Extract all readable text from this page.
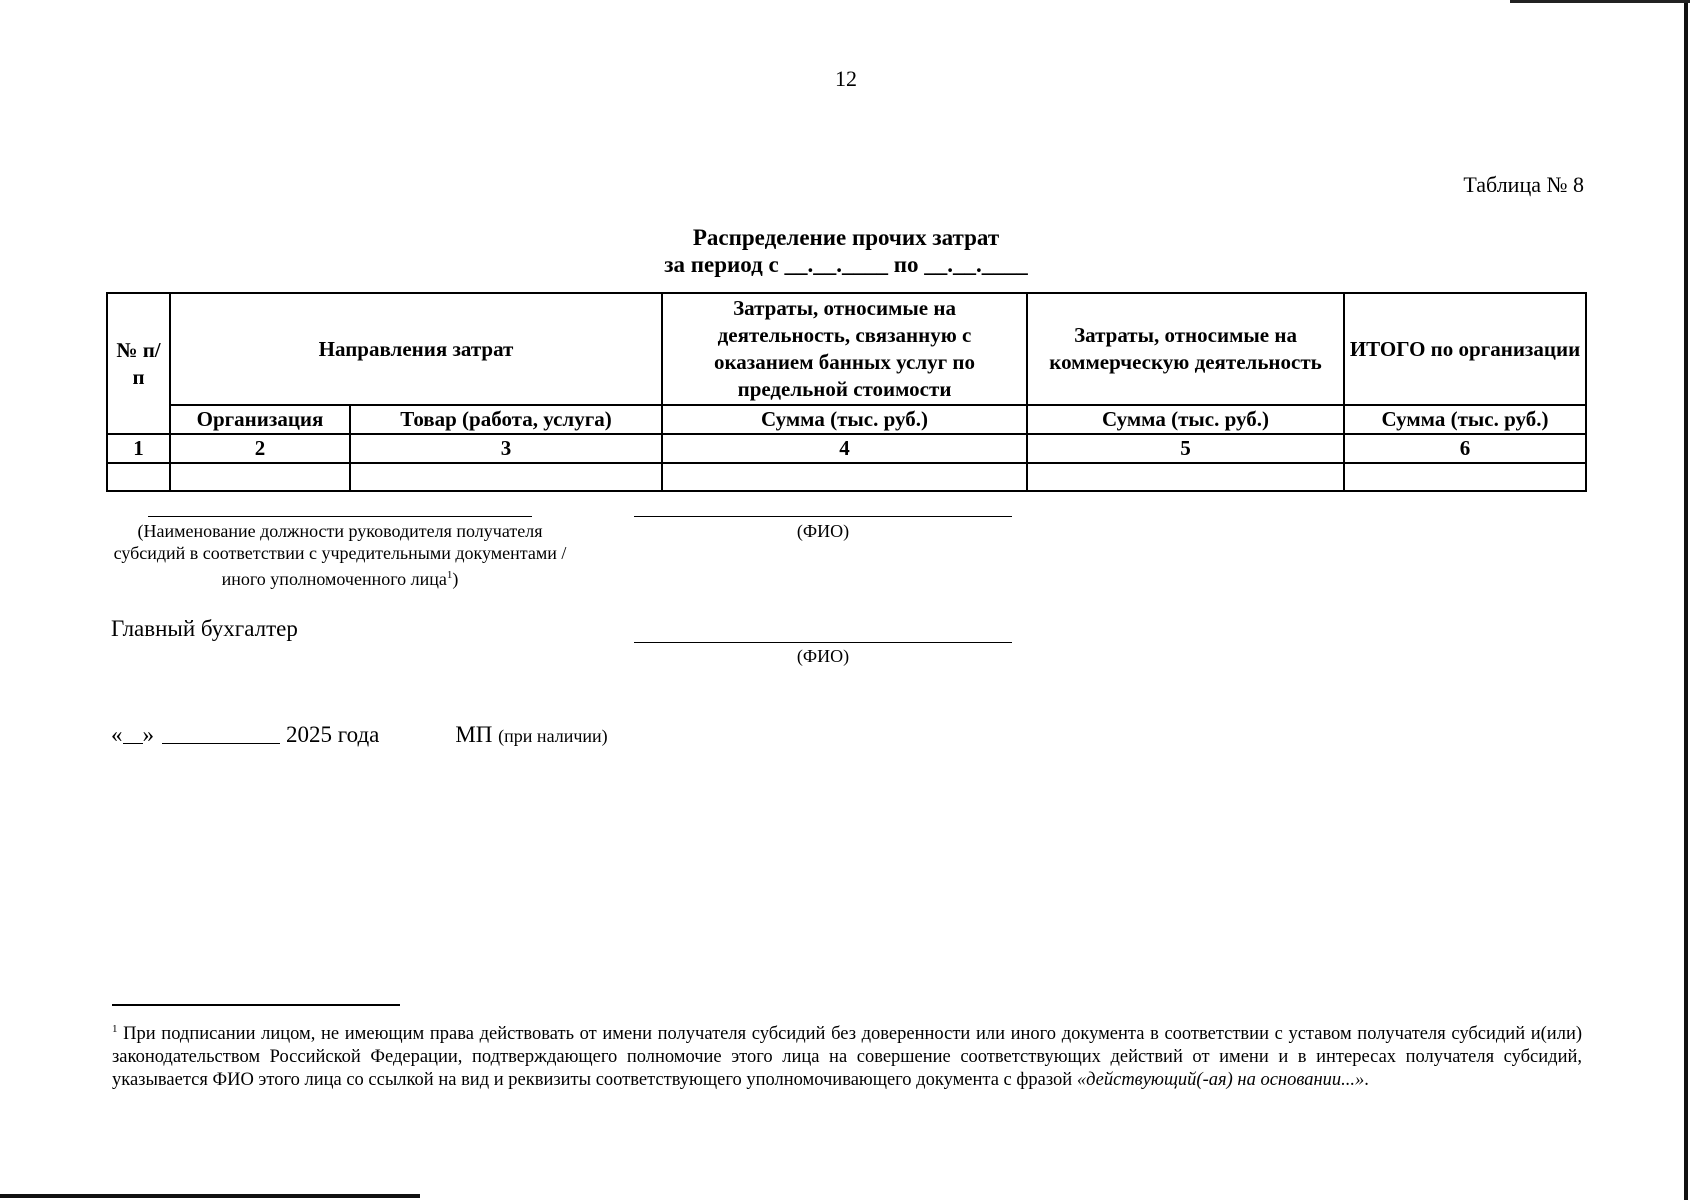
12
Таблица № 8
Распределение прочих затрат
за период с __.__.____ по __.__.____
№ п/п	Направления затрат		Затраты, относимые на деятельность, связанную с оказанием банных услуг по предельной стоимости	Затраты, относимые на коммерческую деятельность	ИТОГО по организации
	Организация	Товар (работа, услуга)	Сумма (тыс. руб.)	Сумма (тыс. руб.)	Сумма (тыс. руб.)
1	2	3	4	5	6

(Наименование должности руководителя получателя субсидий в соответствии с учредительными документами / иного уполномоченного лица$^1$)
(ФИО)
Главный бухгалтер
(ФИО)
« »	2025 года	МП (при наличии)
$^1$ При подписании лицом, не имеющим права действовать от имени получателя субсидий без доверенности или иного документа в соответствии с уставом получателя субсидий и(или) законодательством Российской Федерации, подтверждающего полномочие этого лица на совершение соответствующих действий от имени и в интересах получателя субсидий, указывается ФИО этого лица со ссылкой на вид и реквизиты соответствующего уполномочивающего документа с фразой «действующий(-ая) на основании...».
